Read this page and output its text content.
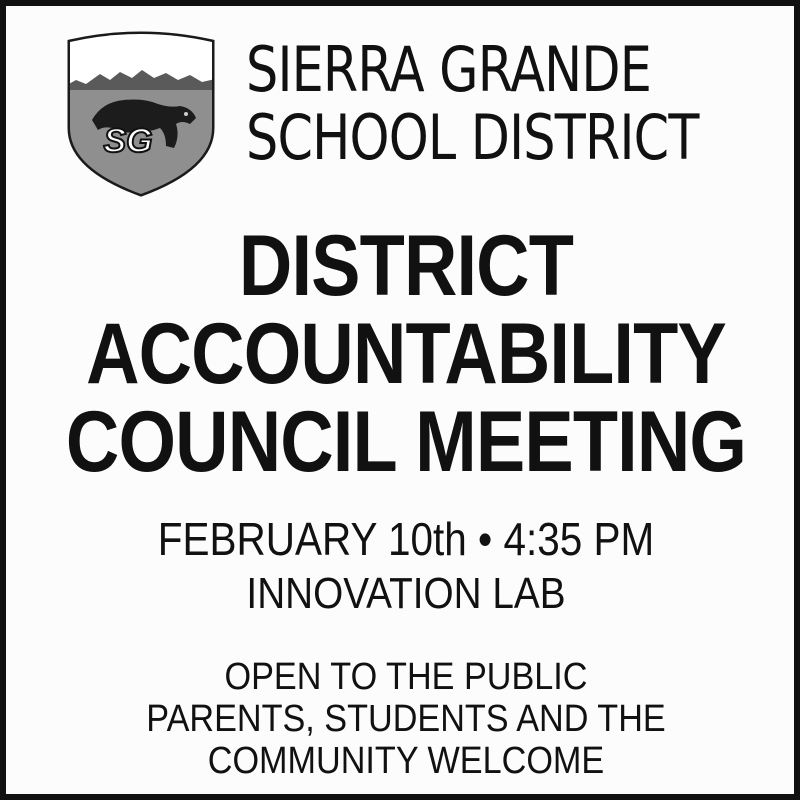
SG
SIERRA GRANDE
SCHOOL DISTRICT
DISTRICT
ACCOUNTABILITY
COUNCIL MEETING
FEBRUARY 10th • 4:35 PM
INNOVATION LAB
OPEN TO THE PUBLIC
PARENTS, STUDENTS AND THE
COMMUNITY WELCOME
